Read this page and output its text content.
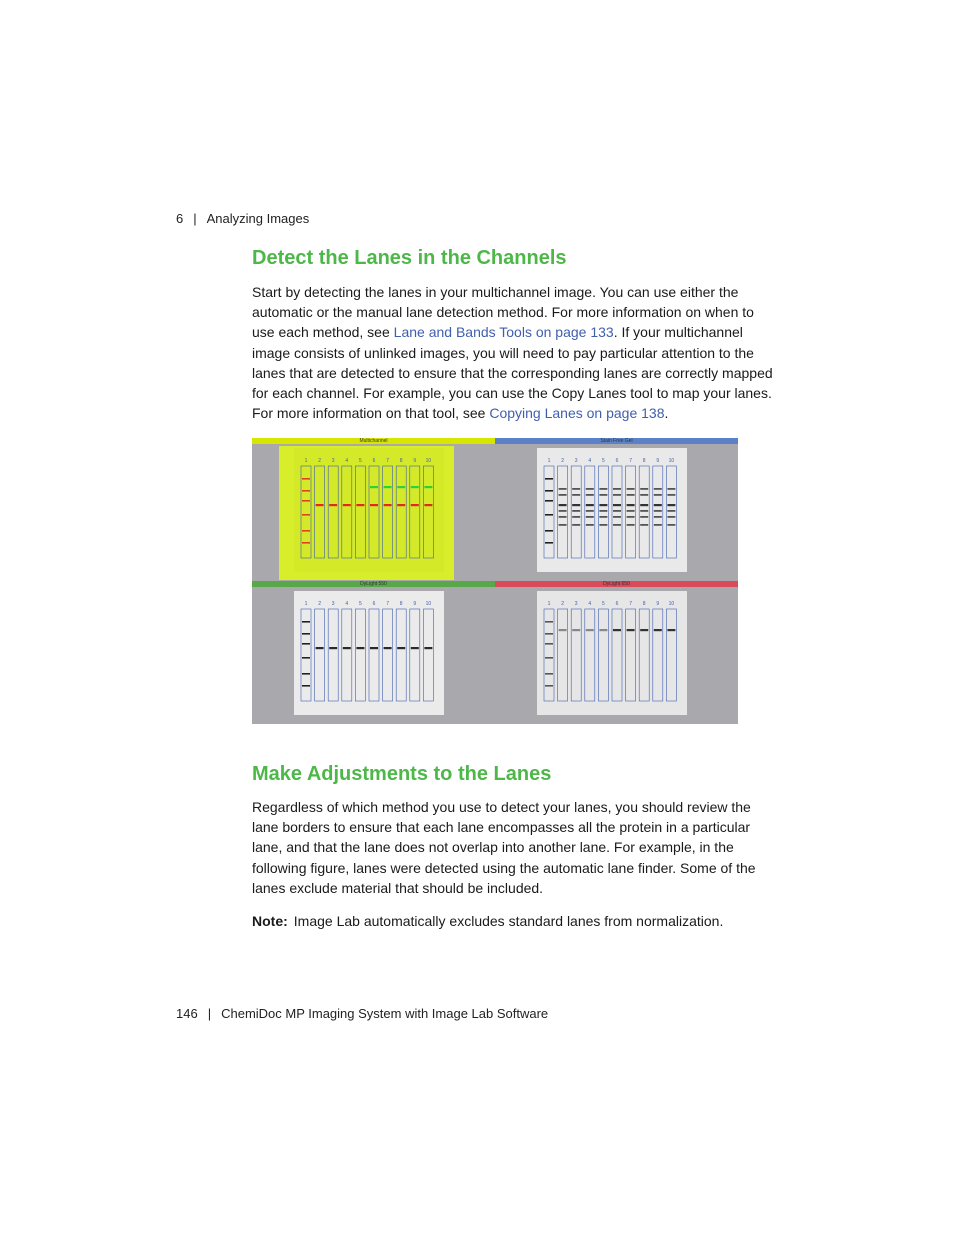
6 | Analyzing Images
Detect the Lanes in the Channels

Start by detecting the lanes in your multichannel image. You can use either the automatic or the manual lane detection method. For more information on when to use each method, see Lane and Bands Tools on page 133. If your multichannel image consists of unlinked images, you will need to pay particular attention to the lanes that are detected to ensure that the corresponding lanes are correctly mapped for each channel. For example, you can use the Copy Lanes tool to map your lanes. For more information on that tool, see Copying Lanes on page 138.

1 2 3 4 5 6 7 8 9 10
Multichannel
1 2 3 4 5 6 7 8 9 10
Stain Free Gel
1 2 3 4 5 6 7 8 9 10
DyLight 550
1 2 3 4 5 6 7 8 9 10
DyLight 650
Make Adjustments to the Lanes

Regardless of which method you use to detect your lanes, you should review the lane borders to ensure that each lane encompasses all the protein in a particular lane, and that the lane does not overlap into another lane. For example, in the following figure, lanes were detected using the automatic lane finder. Some of the lanes exclude material that should be included.

Note: Image Lab automatically excludes standard lanes from normalization.

146 | ChemiDoc MP Imaging System with Image Lab Software
